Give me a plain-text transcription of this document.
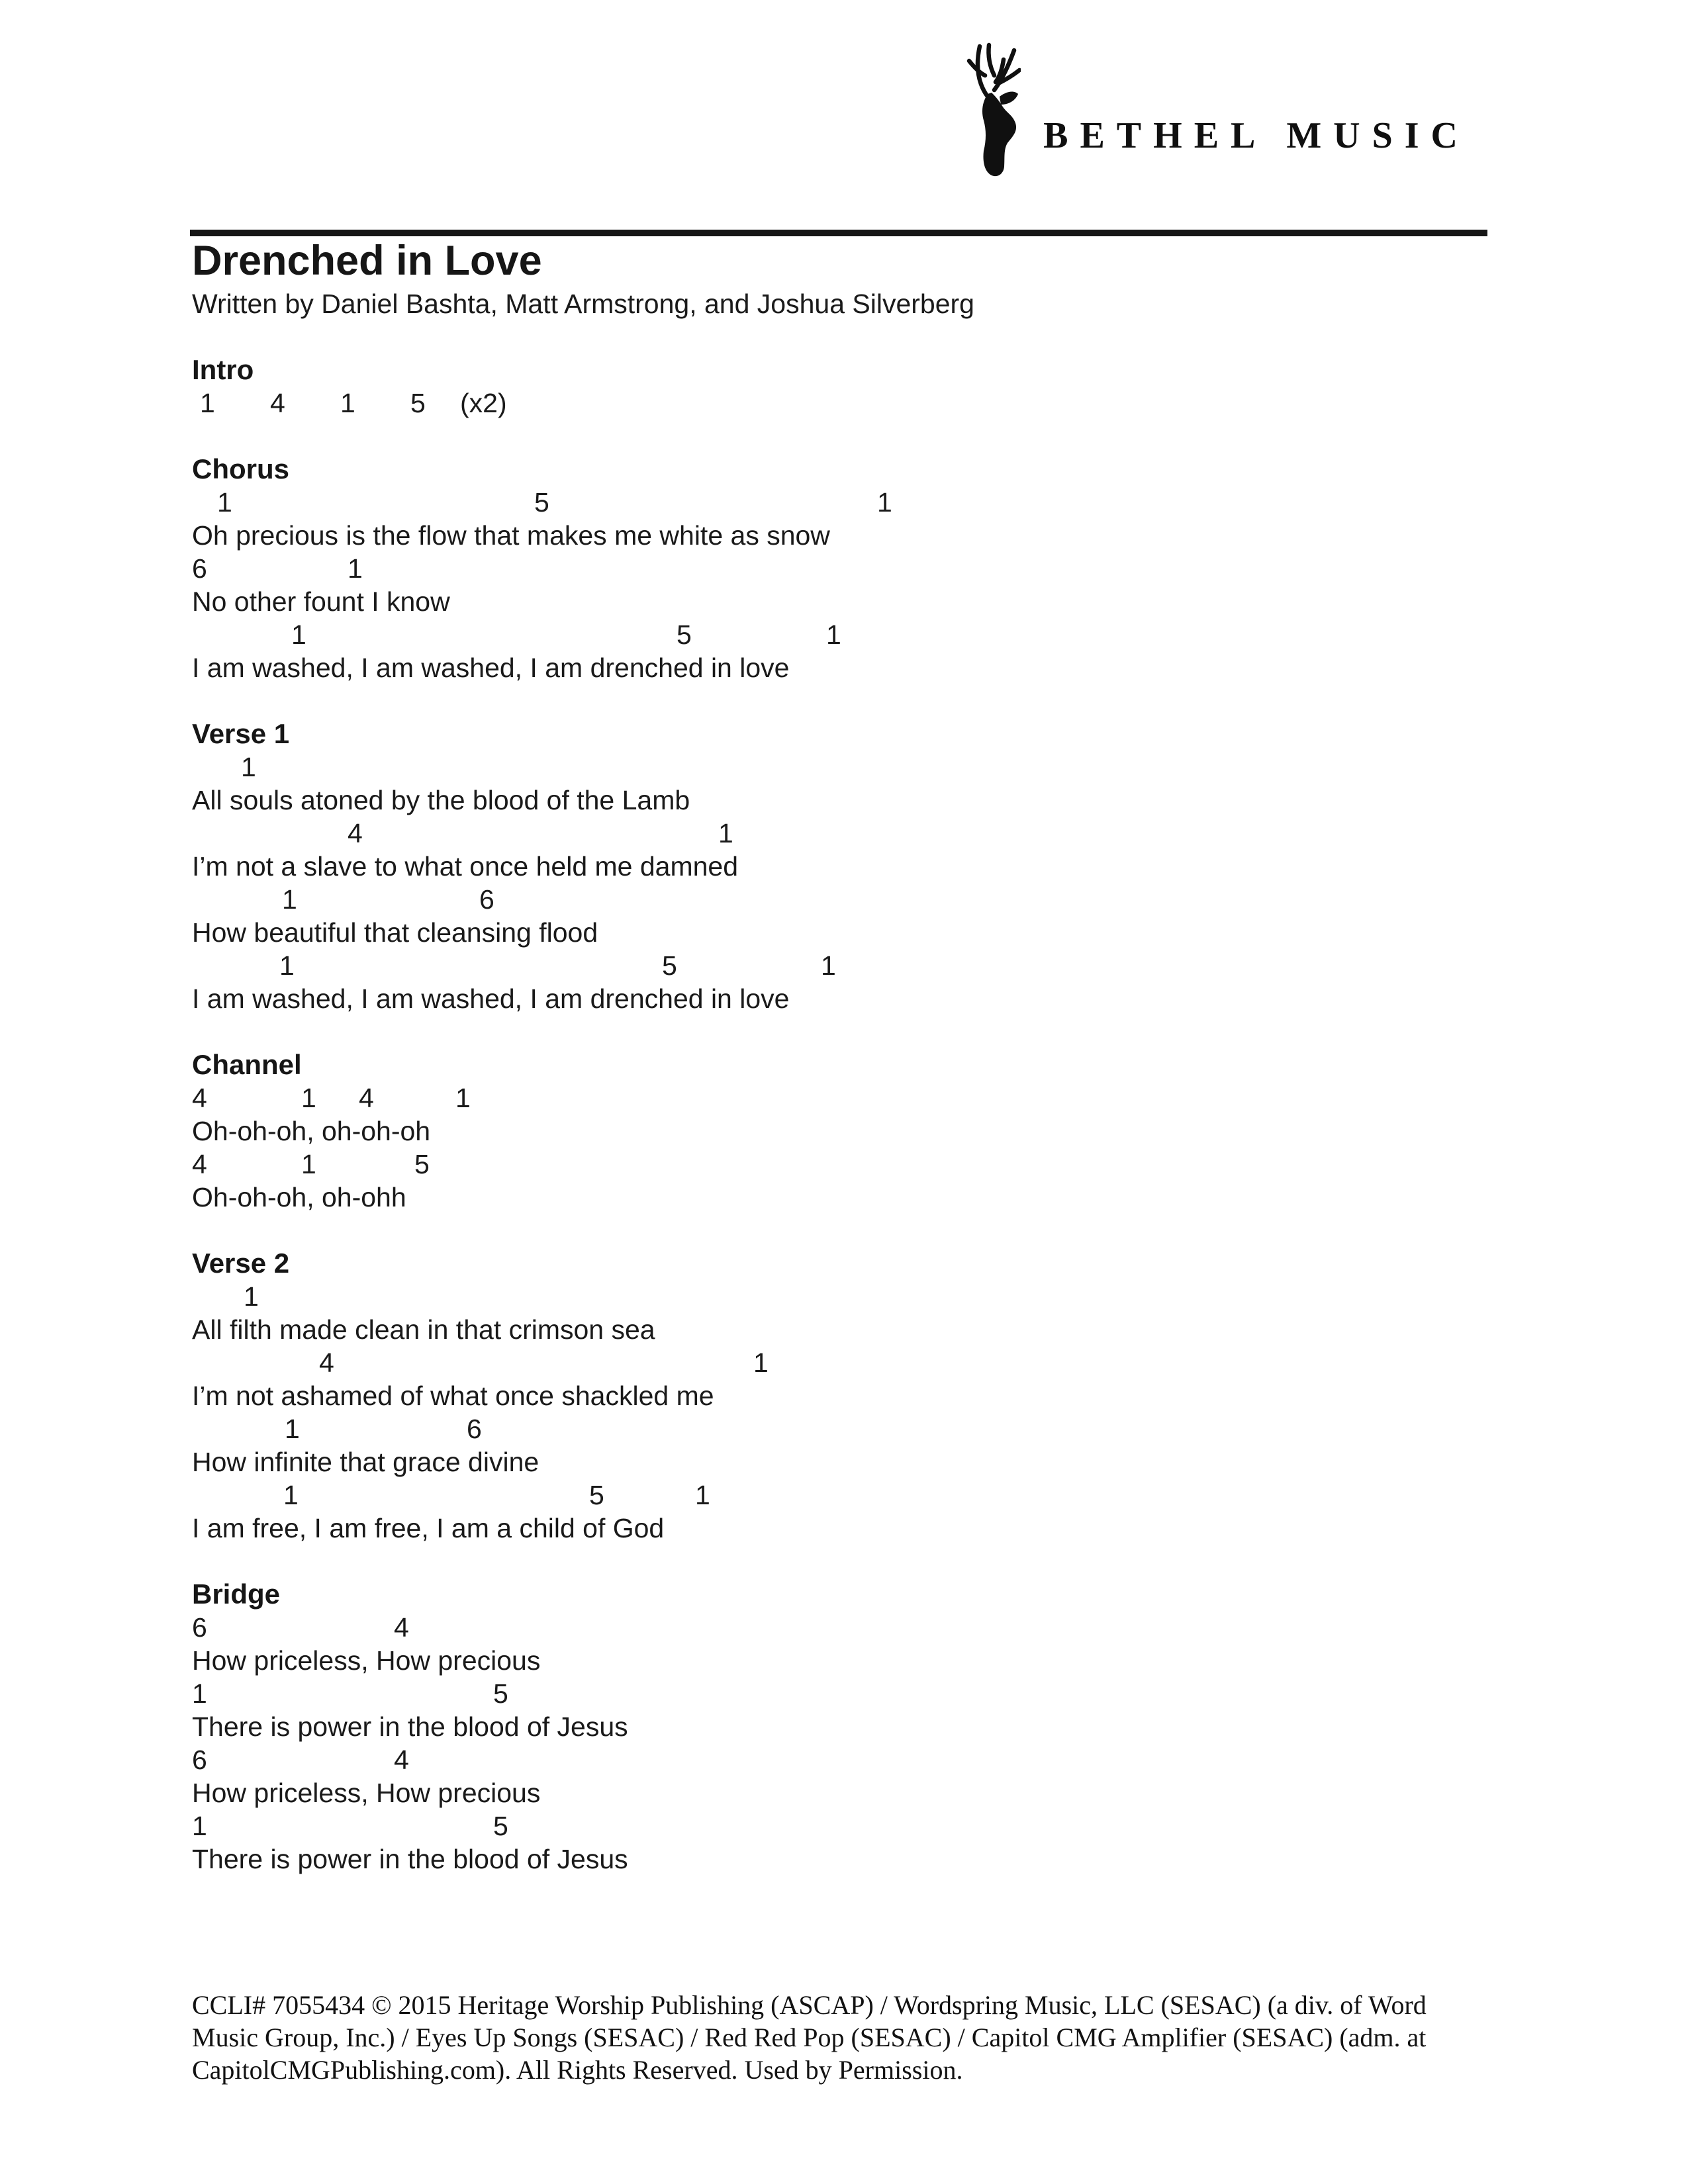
BETHEL MUSIC
Drenched in Love
Written by Daniel Bashta, Matt Armstrong, and Joshua Silverberg
Intro
1 4 1 5 (x2)
Chorus
1	5	1
Oh precious is the flow that makes me white as snow
6	1
No other fount I know
1	5	1
I am washed, I am washed, I am drenched in love
Verse 1
1
All souls atoned by the blood of the Lamb
4	1
I’m not a slave to what once held me damned
1	6
How beautiful that cleansing flood
1	5	1
I am washed, I am washed, I am drenched in love
Channel
4	1 4	1
Oh-oh-oh, oh-oh-oh
4	1	5
Oh-oh-oh, oh-ohh
Verse 2
1
All filth made clean in that crimson sea
4	1
I’m not ashamed of what once shackled me
1	6
How infinite that grace divine
1	5	1
I am free, I am free, I am a child of God
Bridge
6	4
How priceless, How precious
1	5
There is power in the blood of Jesus
6	4
How priceless, How precious
1	5
There is power in the blood of Jesus
CCLI# 7055434 © 2015 Heritage Worship Publishing (ASCAP) / Wordspring Music, LLC (SESAC) (a div. of Word
Music Group, Inc.) / Eyes Up Songs (SESAC) / Red Red Pop (SESAC) / Capitol CMG Amplifier (SESAC) (adm. at
CapitolCMGPublishing.com). All Rights Reserved. Used by Permission.
